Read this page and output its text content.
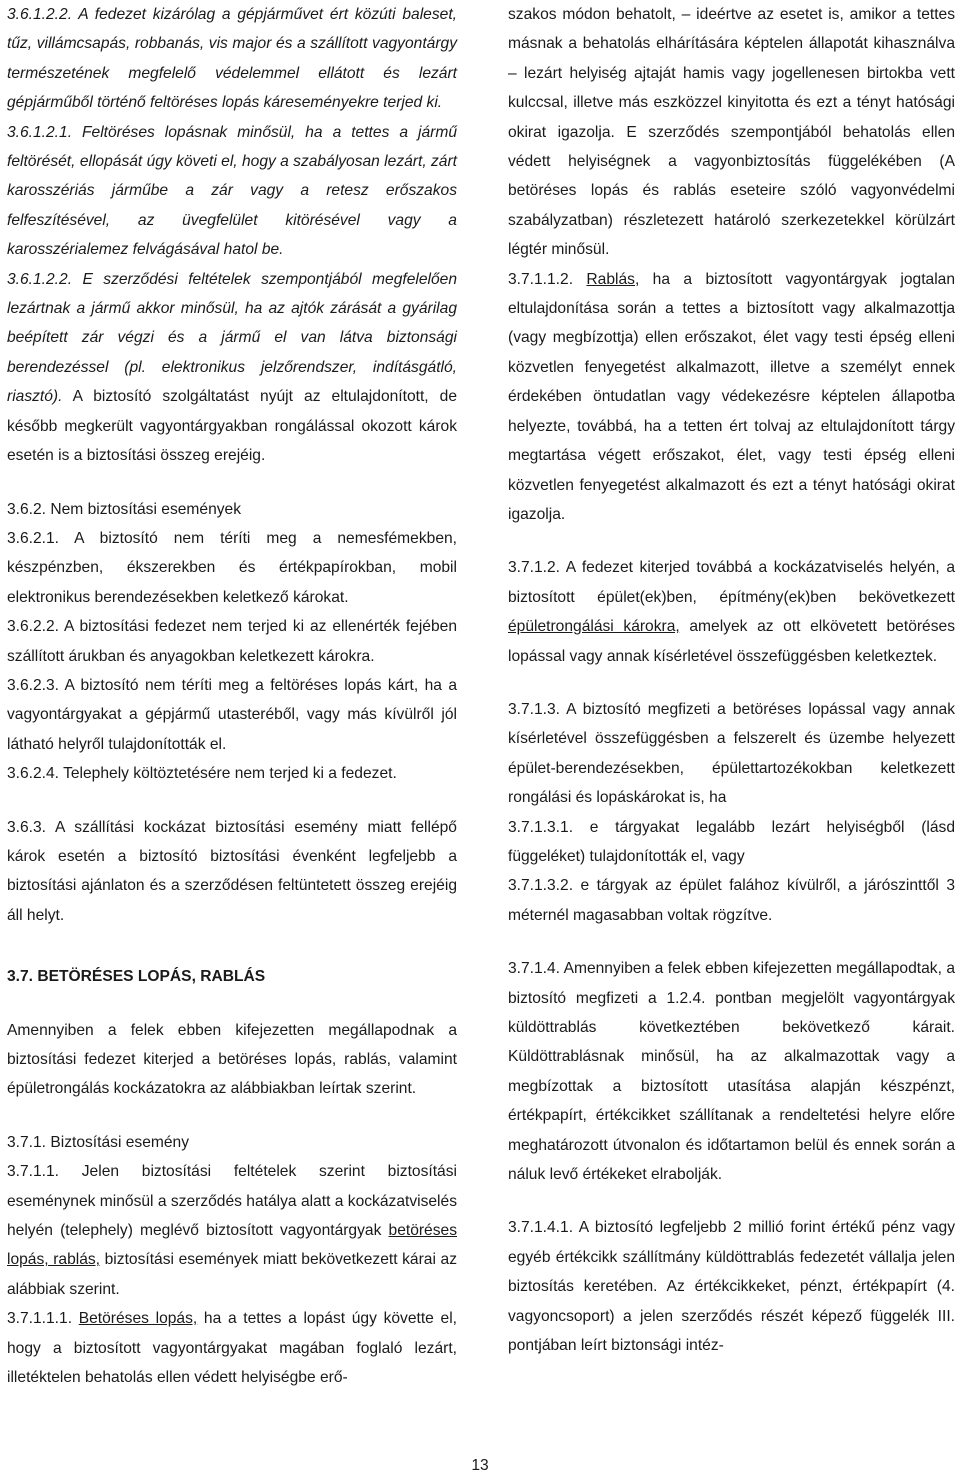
3.6.1.2.2. A fedezet kizárólag a gépjárművet ért közúti baleset, tűz, villámcsapás, robbanás, vis major és a szállított vagyontárgy természetének megfelelő védelemmel ellátott és lezárt gépjárműből történő feltöréses lopás káreseményekre terjed ki.

3.6.1.2.1. Feltöréses lopásnak minősül, ha a tettes a jármű feltörését, ellopását úgy követi el, hogy a szabályosan lezárt, zárt karosszériás járműbe a zár vagy a retesz erőszakos felfeszítésével, az üvegfelület kitörésével vagy a karosszérialemez felvágásával hatol be.

3.6.1.2.2. E szerződési feltételek szempontjából megfelelően lezártnak a jármű akkor minősül, ha az ajtók zárását a gyárilag beépített zár végzi és a jármű el van látva biztonsági berendezéssel (pl. elektronikus jelzőrendszer, indításgátló, riasztó). A biztosító szolgáltatást nyújt az eltulajdonított, de később megkerült vagyontárgyakban rongálással okozott károk esetén is a biztosítási összeg erejéig.

3.6.2. Nem biztosítási események

3.6.2.1. A biztosító nem téríti meg a nemesfémekben, készpénzben, ékszerekben és értékpapírokban, mobil elektronikus berendezésekben keletkező károkat.

3.6.2.2. A biztosítási fedezet nem terjed ki az ellenérték fejében szállított árukban és anyagokban keletkezett károkra.

3.6.2.3. A biztosító nem téríti meg a feltöréses lopás kárt, ha a vagyontárgyakat a gépjármű utasteréből, vagy más kívülről jól látható helyről tulajdonították el.

3.6.2.4. Telephely költöztetésére nem terjed ki a fedezet.

3.6.3. A szállítási kockázat biztosítási esemény miatt fellépő károk esetén a biztosító biztosítási évenként legfeljebb a biztosítási ajánlaton és a szerződésen feltüntetett összeg erejéig áll helyt.

3.7. BETÖRÉSES LOPÁS, RABLÁS

Amennyiben a felek ebben kifejezetten megállapodnak a biztosítási fedezet kiterjed a betöréses lopás, rablás, valamint épületrongálás kockázatokra az alábbiakban leírtak szerint.

3.7.1. Biztosítási esemény

3.7.1.1. Jelen biztosítási feltételek szerint biztosítási eseménynek minősül a szerződés hatálya alatt a kockázatviselés helyén (telephely) meglévő biztosított vagyontárgyak betöréses lopás, rablás, biztosítási események miatt bekövetkezett kárai az alábbiak szerint.

3.7.1.1.1. Betöréses lopás, ha a tettes a lopást úgy követte el, hogy a biztosított vagyontárgyakat magában foglaló lezárt, illetéktelen behatolás ellen védett helyiségbe erő-

szakos módon behatolt, – ideértve az esetet is, amikor a tettes másnak a behatolás elhárítására képtelen állapotát kihasználva – lezárt helyiség ajtaját hamis vagy jogellenesen birtokba vett kulccsal, illetve más eszközzel kinyitotta és ezt a tényt hatósági okirat igazolja. E szerződés szempontjából behatolás ellen védett helyiségnek a vagyonbiztosítás függelékében (A betöréses lopás és rablás eseteire szóló vagyonvédelmi szabályzatban) részletezett határoló szerkezetekkel körülzárt légtér minősül.

3.7.1.1.2. Rablás, ha a biztosított vagyontárgyak jogtalan eltulajdonítása során a tettes a biztosított vagy alkalmazottja (vagy megbízottja) ellen erőszakot, élet vagy testi épség elleni közvetlen fenyegetést alkalmazott, illetve a személyt ennek érdekében öntudatlan vagy védekezésre képtelen állapotba helyezte, továbbá, ha a tetten ért tolvaj az eltulajdonított tárgy megtartása végett erőszakot, élet, vagy testi épség elleni közvetlen fenyegetést alkalmazott és ezt a tényt hatósági okirat igazolja.

3.7.1.2. A fedezet kiterjed továbbá a kockázatviselés helyén, a biztosított épület(ek)ben, építmény(ek)ben bekövetkezett épületrongálási károkra, amelyek az ott elkövetett betöréses lopással vagy annak kísérletével összefüggésben keletkeztek.

3.7.1.3. A biztosító megfizeti a betöréses lopással vagy annak kísérletével összefüggésben a felszerelt és üzembe helyezett épület-berendezésekben, épülettartozékokban keletkezett rongálási és lopáskárokat is, ha

3.7.1.3.1. e tárgyakat legalább lezárt helyiségből (lásd függeléket) tulajdonították el, vagy

3.7.1.3.2. e tárgyak az épület falához kívülről, a járószinttől 3 méternél magasabban voltak rögzítve.

3.7.1.4. Amennyiben a felek ebben kifejezetten megállapodtak, a biztosító megfizeti a 1.2.4. pontban megjelölt vagyontárgyak küldöttrablás következtében bekövetkező kárait. Küldöttrablásnak minősül, ha az alkalmazottak vagy a megbízottak a biztosított utasítása alapján készpénzt, értékpapírt, értékcikket szállítanak a rendeltetési helyre előre meghatározott útvonalon és időtartamon belül és ennek során a náluk levő értékeket elrabolják.

3.7.1.4.1. A biztosító legfeljebb 2 millió forint értékű pénz vagy egyéb értékcikk szállítmány küldöttrablás fedezetét vállalja jelen biztosítás keretében. Az értékcikkeket, pénzt, értékpapírt (4. vagyoncsoport) a jelen szerződés részét képező függelék III. pontjában leírt biztonsági intéz-

13
